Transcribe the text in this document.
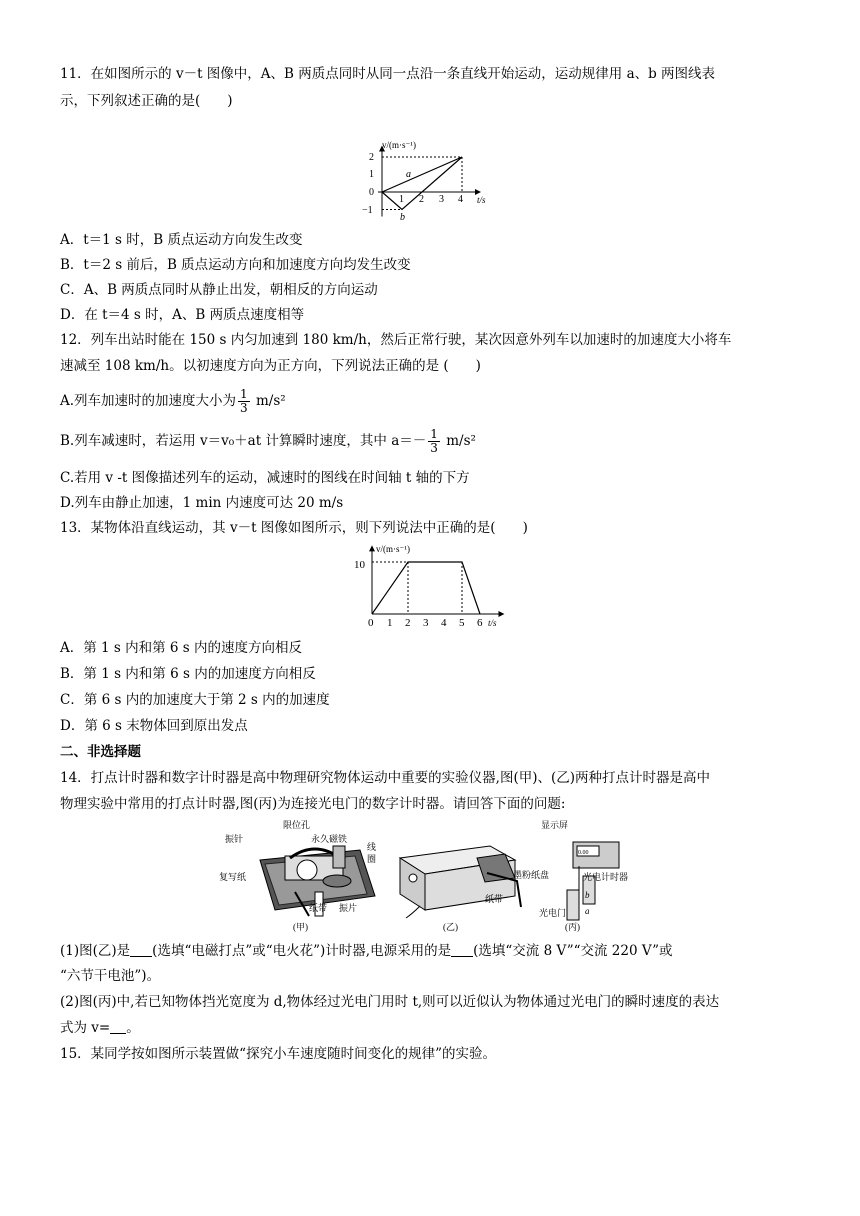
11．在如图所示的 v－t 图像中，A、B 两质点同时从同一点沿一条直线开始运动，运动规律用 a、b 两图线表
示，下列叙述正确的是(　　)
v/(m·s⁻¹)
t/s
2
1
0
−1
1 2 3 4
a
b
A．t＝1 s 时，B 质点运动方向发生改变
B．t＝2 s 前后，B 质点运动方向和加速度方向均发生改变
C．A、B 两质点同时从静止出发，朝相反的方向运动
D．在 t＝4 s 时，A、B 两质点速度相等
12．列车出站时能在 150 s 内匀加速到 180 km/h，然后正常行驶，某次因意外列车以加速时的加速度大小将车
速减至 108 km/h。以初速度方向为正方向，下列说法正确的是 (　　)
A.列车加速时的加速度大小为 $\frac{1}{3} m/s^2$
B.列车减速时，若运用 v＝v₀＋at 计算瞬时速度，其中 $a=- \frac{1}{3} m/s^2$
C.若用 v -t 图像描述列车的运动，减速时的图线在时间轴 t 轴的下方
D.列车由静止加速，1 min 内速度可达 20 m/s
13．某物体沿直线运动，其 v－t 图像如图所示，则下列说法中正确的是(　　)
v/(m·s⁻¹)
t/s
10
0 1 2 3 4 5 6
A．第 1 s 内和第 6 s 内的速度方向相反
B．第 1 s 内和第 6 s 内的加速度方向相反
C．第 6 s 内的加速度大于第 2 s 内的加速度
D．第 6 s 末物体回到原出发点
二、非选择题
14．打点计时器和数字计时器是高中物理研究物体运动中重要的实验仪器,图(甲)、(乙)两种打点计时器是高中
物理实验中常用的打点计时器,图(丙)为连接光电门的数字计时器。请回答下面的问题:
振针
限位孔
永久磁铁
线
圈
复写纸
纸带 振片
(甲)
墨粉纸盘
纸带
(乙)
显示屏
0.00
光电计时器
b
a
光电门
(丙)
(1)图(乙)是 (选填“电磁打点”或“电火花”)计时器,电源采用的是 (选填“交流 8 V”“交流 220 V”或
“六节干电池”)。
(2)图(丙)中,若已知物体挡光宽度为 d,物体经过光电门用时 t,则可以近似认为物体通过光电门的瞬时速度的表达
式为 v= 。
15．某同学按如图所示装置做“探究小车速度随时间变化的规律”的实验。
